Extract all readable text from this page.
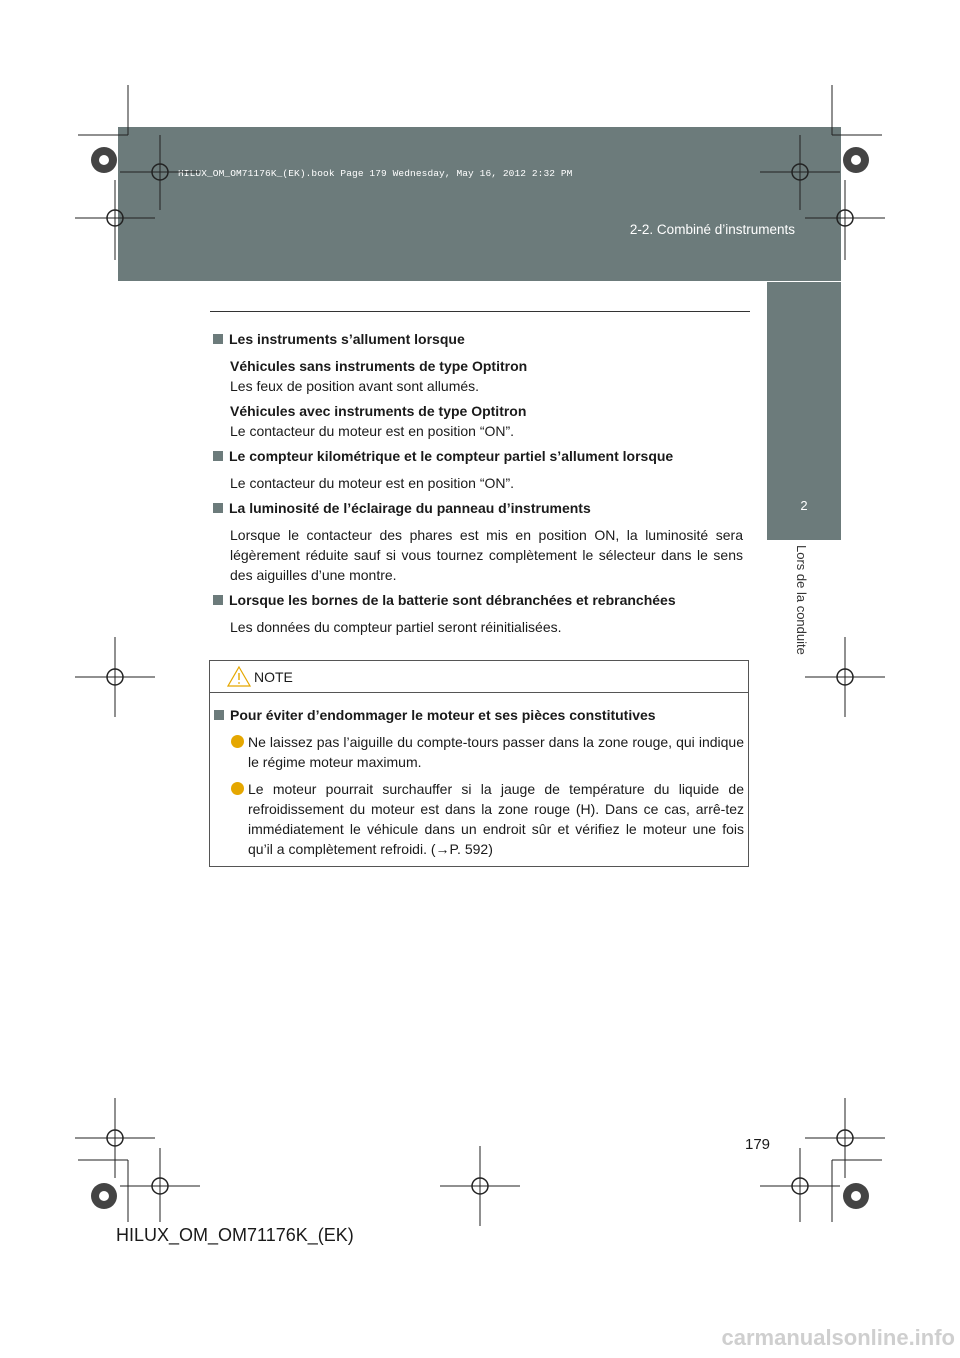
HILUX_OM_OM71176K_(EK).book Page 179 Wednesday, May 16, 2012 2:32 PM
2-2. Combiné d’instruments
2
Lors de la conduite

Les instruments s’allument lorsque

Véhicules sans instruments de type Optitron

Les feux de position avant sont allumés.

Véhicules avec instruments de type Optitron

Le contacteur du moteur est en position “ON”.

Le compteur kilométrique et le compteur partiel s’allument lorsque

Le contacteur du moteur est en position “ON”.

La luminosité de l’éclairage du panneau d’instruments

Lorsque le contacteur des phares est mis en position ON, la luminosité sera légèrement réduite sauf si vous tournez complètement le sélecteur dans le sens des aiguilles d’une montre.

Lorsque les bornes de la batterie sont débranchées et rebranchées

Les données du compteur partiel seront réinitialisées.

NOTE

Pour éviter d’endommager le moteur et ses pièces constitutives

Ne laissez pas l’aiguille du compte-tours passer dans la zone rouge, qui indique le régime moteur maximum.
Le moteur pourrait surchauffer si la jauge de température du liquide de refroidissement du moteur est dans la zone rouge (H). Dans ce cas, arrê-tez immédiatement le véhicule dans un endroit sûr et vérifiez le moteur une fois qu’il a complètement refroidi. (→P. 592)
179
HILUX_OM_OM71176K_(EK)
carmanualsonline.info
